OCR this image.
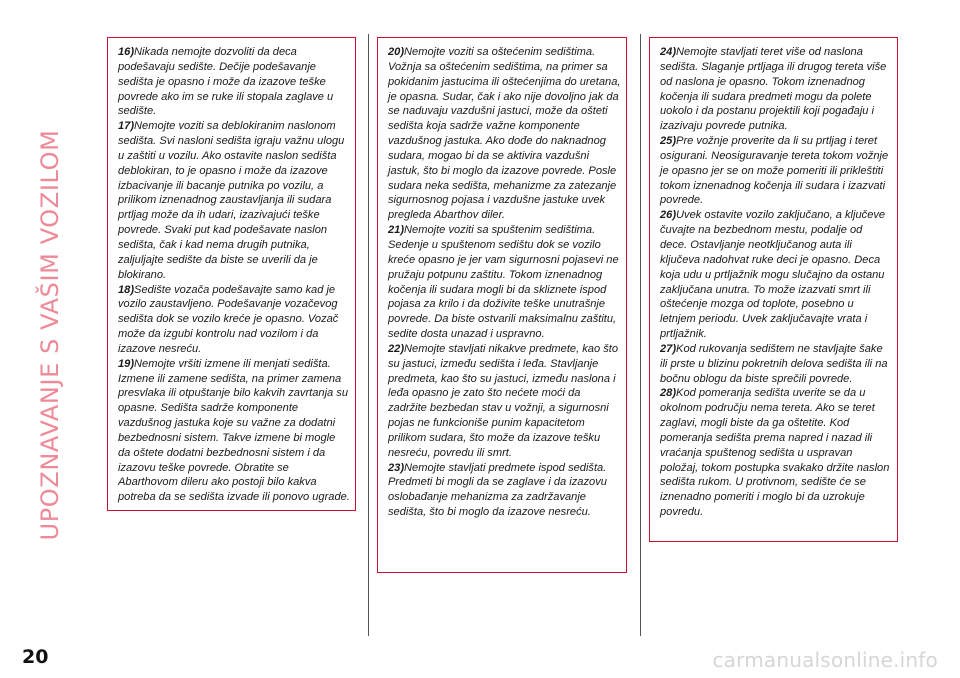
UPOZNAVANJE S VAŠIM VOZILOM

16)Nikada nemojte dozvoliti da deca podešavaju sedište. Dečije podešavanje sedišta je opasno i može da izazove teške povrede ako im se ruke ili stopala zaglave u sedište.

17)Nemojte voziti sa deblokiranim naslonom sedišta. Svi nasloni sedišta igraju važnu ulogu u zaštiti u vozilu. Ako ostavite naslon sedišta deblokiran, to je opasno i može da izazove izbacivanje ili bacanje putnika po vozilu, a prilikom iznenadnog zaustavljanja ili sudara prtljag može da ih udari, izazivajući teške povrede. Svaki put kad podešavate naslon sedišta, čak i kad nema drugih putnika, zaljuljajte sedište da biste se uverili da je blokirano.

18)Sedište vozača podešavajte samo kad je vozilo zaustavljeno. Podešavanje vozačevog sedišta dok se vozilo kreće je opasno. Vozač može da izgubi kontrolu nad vozilom i da izazove nesreću.

19)Nemojte vršiti izmene ili menjati sedišta. Izmene ili zamene sedišta, na primer zamena presvlaka ili otpuštanje bilo kakvih zavrtanja su opasne. Sedišta sadrže komponente vazdušnog jastuka koje su važne za dodatni bezbednosni sistem. Takve izmene bi mogle da oštete dodatni bezbednosni sistem i da izazovu teške povrede. Obratite se Abarthovom dileru ako postoji bilo kakva potreba da se sedišta izvade ili ponovo ugrade.

20)Nemojte voziti sa oštećenim sedištima. Vožnja sa oštećenim sedištima, na primer sa pokidanim jastucima ili oštećenjima do uretana, je opasna. Sudar, čak i ako nije dovoljno jak da se naduvaju vazdušni jastuci, može da ošteti sedišta koja sadrže važne komponente vazdušnog jastuka. Ako dođe do naknadnog sudara, mogao bi da se aktivira vazdušni jastuk, što bi moglo da izazove povrede. Posle sudara neka sedišta, mehanizme za zatezanje sigurnosnog pojasa i vazdušne jastuke uvek pregleda Abarthov diler.

21)Nemojte voziti sa spuštenim sedištima. Sedenje u spuštenom sedištu dok se vozilo kreće opasno je jer vam sigurnosni pojasevi ne pružaju potpunu zaštitu. Tokom iznenadnog kočenja ili sudara mogli bi da skliznete ispod pojasa za krilo i da doživite teške unutrašnje povrede. Da biste ostvarili maksimalnu zaštitu, sedite dosta unazad i uspravno.

22)Nemojte stavljati nikakve predmete, kao što su jastuci, između sedišta i leđa. Stavljanje predmeta, kao što su jastuci, između naslona i leđa opasno je zato što nećete moći da zadržite bezbedan stav u vožnji, a sigurnosni pojas ne funkcioniše punim kapacitetom prilikom sudara, što može da izazove tešku nesreću, povredu ili smrt.

23)Nemojte stavljati predmete ispod sedišta. Predmeti bi mogli da se zaglave i da izazovu oslobađanje mehanizma za zadržavanje sedišta, što bi moglo da izazove nesreću.

24)Nemojte stavljati teret više od naslona sedišta. Slaganje prtljaga ili drugog tereta više od naslona je opasno. Tokom iznenadnog kočenja ili sudara predmeti mogu da polete uokolo i da postanu projektili koji pogađaju i izazivaju povrede putnika.

25)Pre vožnje proverite da li su prtljag i teret osigurani. Neosiguravanje tereta tokom vožnje je opasno jer se on može pomeriti ili prikleštiti tokom iznenadnog kočenja ili sudara i izazvati povrede.

26)Uvek ostavite vozilo zaključano, a ključeve čuvajte na bezbednom mestu, podalje od dece. Ostavljanje neotključanog auta ili ključeva nadohvat ruke deci je opasno. Deca koja udu u prtljažnik mogu slučajno da ostanu zaključana unutra. To može izazvati smrt ili oštećenje mozga od toplote, posebno u letnjem periodu. Uvek zaključavajte vrata i prtljažnik.

27)Kod rukovanja sedištem ne stavljajte šake ili prste u blizinu pokretnih delova sedišta ili na bočnu oblogu da biste sprečili povrede.

28)Kod pomeranja sedišta uverite se da u okolnom području nema tereta. Ako se teret zaglavi, mogli biste da ga oštetite. Kod pomeranja sedišta prema napred i nazad ili vraćanja spuštenog sedišta u uspravan položaj, tokom postupka svakako držite naslon sedišta rukom. U protivnom, sedište će se iznenadno pomeriti i moglo bi da uzrokuje povredu.

20	carmanualsonline.info
